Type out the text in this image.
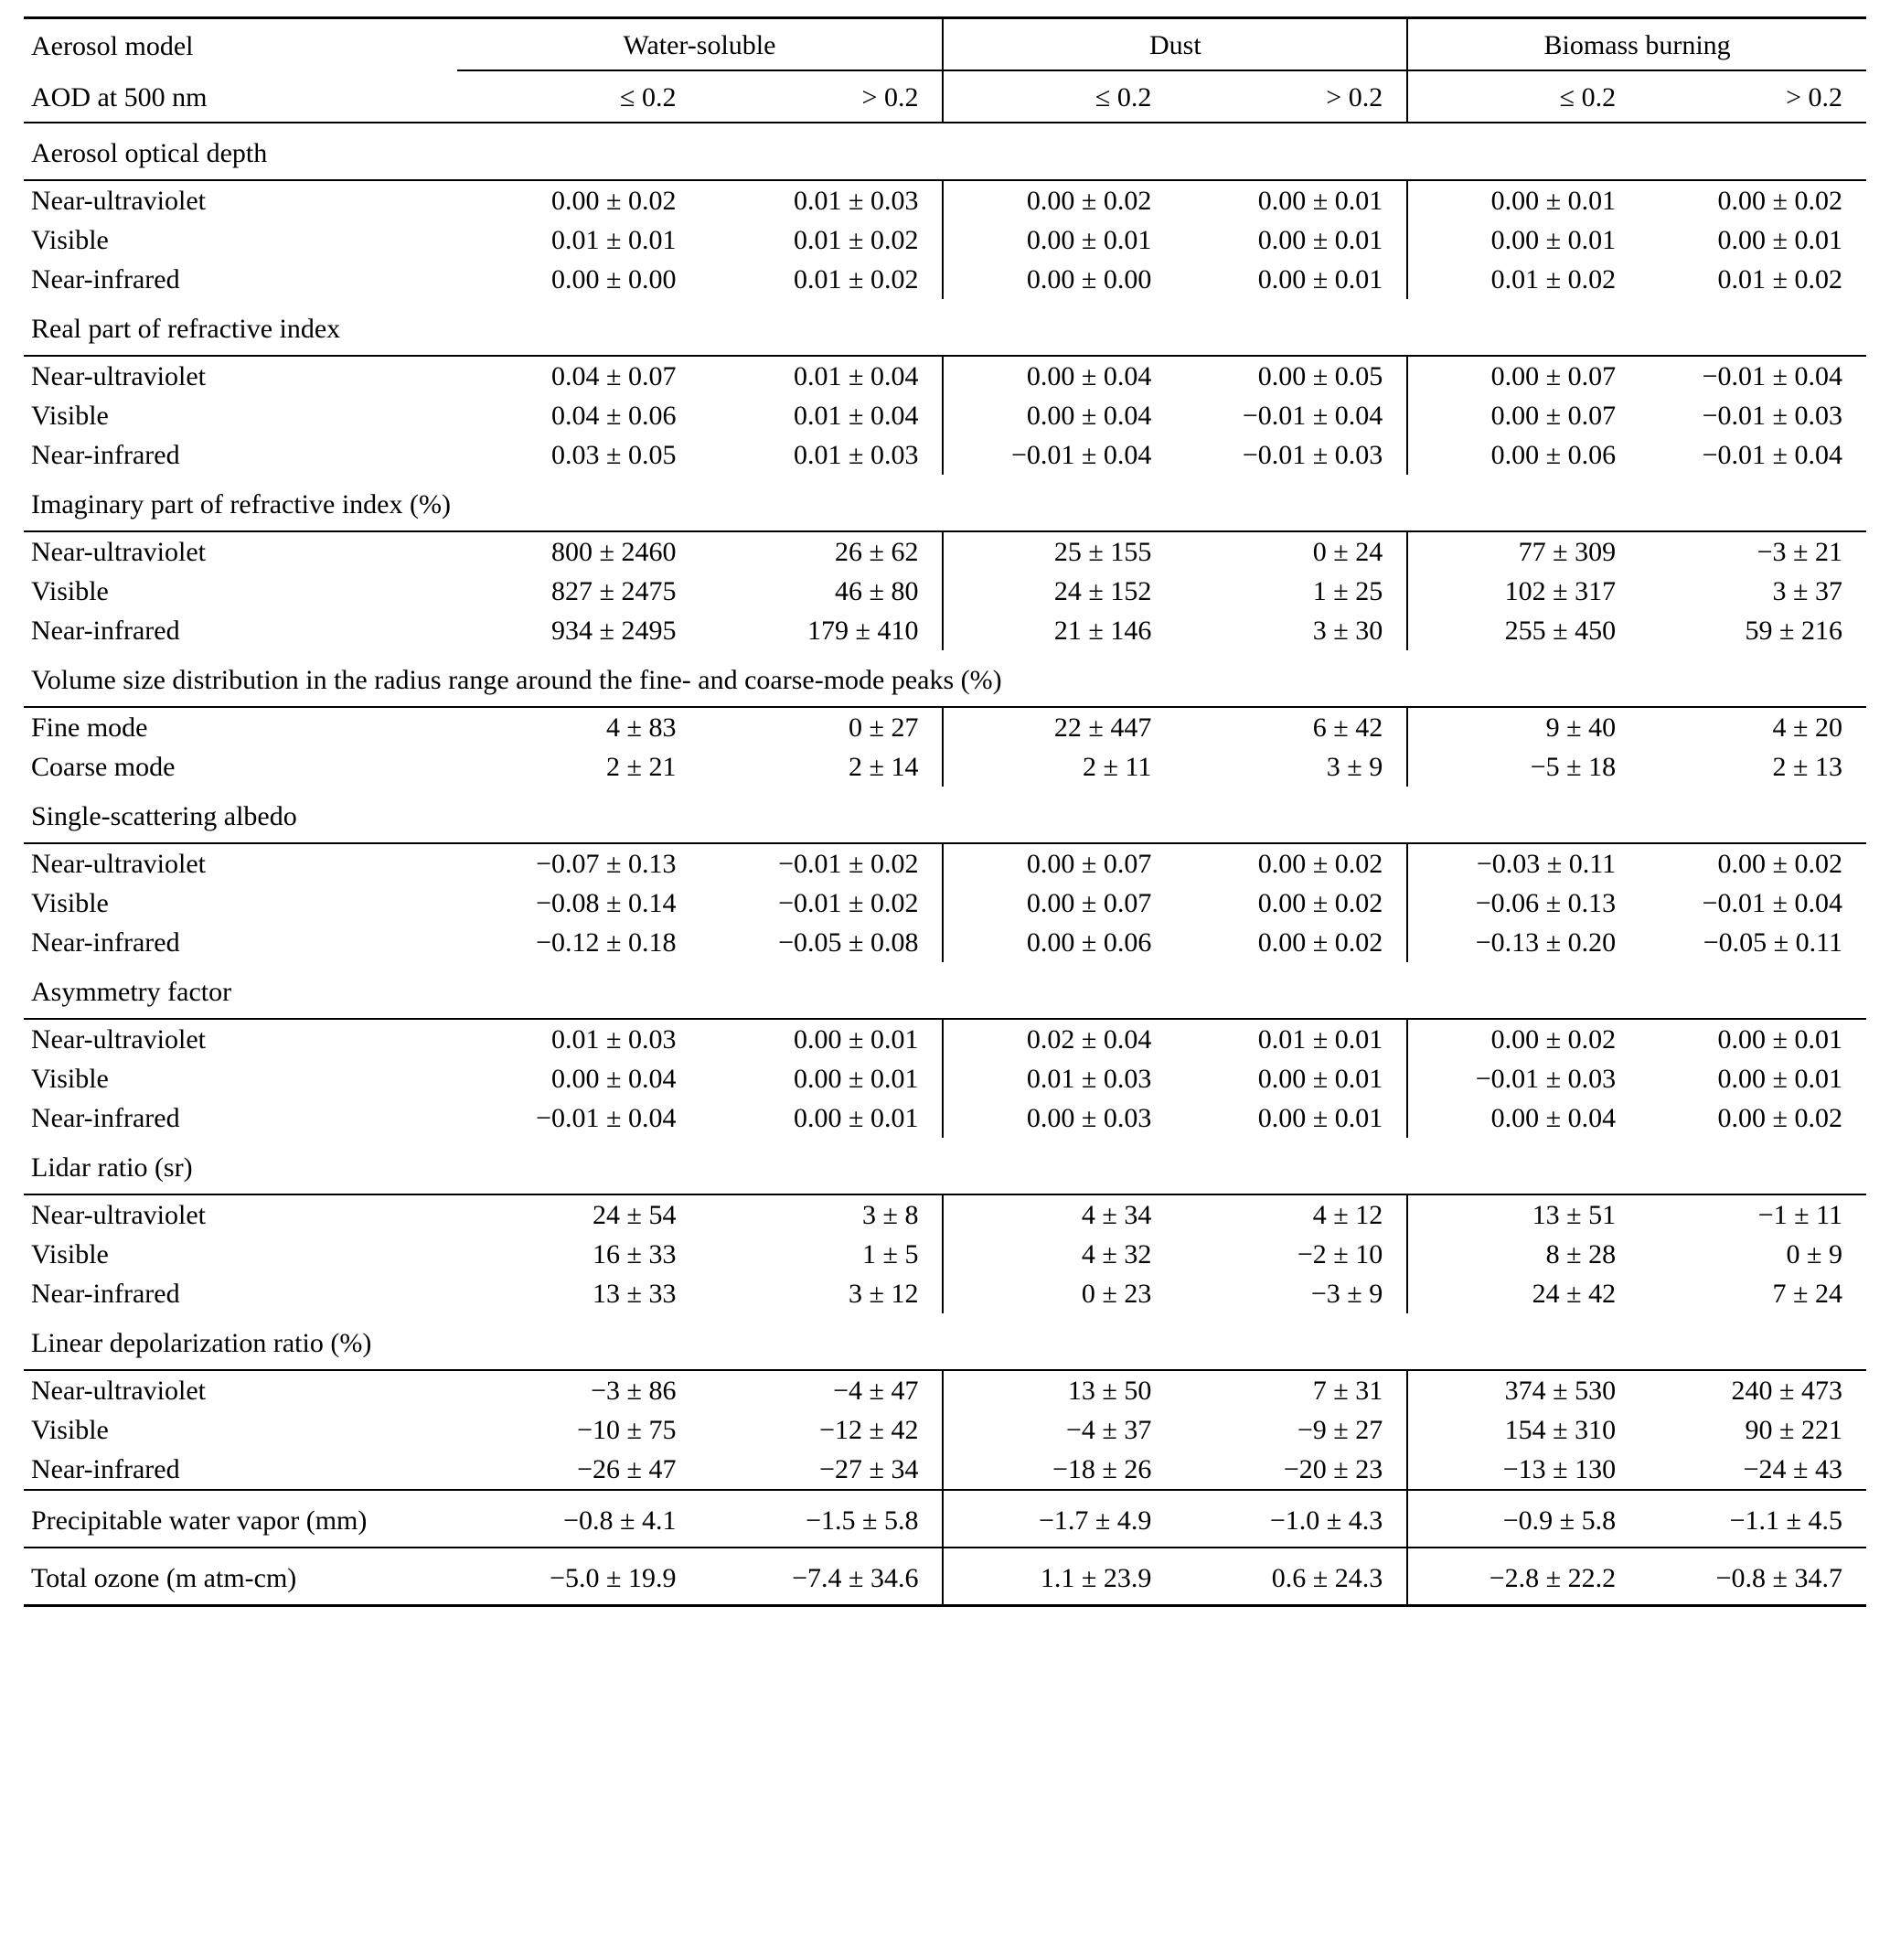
Aerosol model	Water-soluble		Dust		Biomass burning	

AOD at 500 nm	≤ 0.2	> 0.2	≤ 0.2	> 0.2	≤ 0.2	> 0.2

Aerosol optical depth						

Near-ultraviolet	0.00 ± 0.02	0.01 ± 0.03	0.00 ± 0.02	0.00 ± 0.01	0.00 ± 0.01	0.00 ± 0.02
Visible	0.01 ± 0.01	0.01 ± 0.02	0.00 ± 0.01	0.00 ± 0.01	0.00 ± 0.01	0.00 ± 0.01
Near-infrared	0.00 ± 0.00	0.01 ± 0.02	0.00 ± 0.00	0.00 ± 0.01	0.01 ± 0.02	0.01 ± 0.02
Real part of refractive index						

Near-ultraviolet	0.04 ± 0.07	0.01 ± 0.04	0.00 ± 0.04	0.00 ± 0.05	0.00 ± 0.07	−0.01 ± 0.04
Visible	0.04 ± 0.06	0.01 ± 0.04	0.00 ± 0.04	−0.01 ± 0.04	0.00 ± 0.07	−0.01 ± 0.03
Near-infrared	0.03 ± 0.05	0.01 ± 0.03	−0.01 ± 0.04	−0.01 ± 0.03	0.00 ± 0.06	−0.01 ± 0.04
Imaginary part of refractive index (%)						

Near-ultraviolet	800 ± 2460	26 ± 62	25 ± 155	0 ± 24	77 ± 309	−3 ± 21
Visible	827 ± 2475	46 ± 80	24 ± 152	1 ± 25	102 ± 317	3 ± 37
Near-infrared	934 ± 2495	179 ± 410	21 ± 146	3 ± 30	255 ± 450	59 ± 216
Volume size distribution in the radius range around the fine- and coarse-mode peaks (%)						

Fine mode	4 ± 83	0 ± 27	22 ± 447	6 ± 42	9 ± 40	4 ± 20
Coarse mode	2 ± 21	2 ± 14	2 ± 11	3 ± 9	−5 ± 18	2 ± 13
Single-scattering albedo						

Near-ultraviolet	−0.07 ± 0.13	−0.01 ± 0.02	0.00 ± 0.07	0.00 ± 0.02	−0.03 ± 0.11	0.00 ± 0.02
Visible	−0.08 ± 0.14	−0.01 ± 0.02	0.00 ± 0.07	0.00 ± 0.02	−0.06 ± 0.13	−0.01 ± 0.04
Near-infrared	−0.12 ± 0.18	−0.05 ± 0.08	0.00 ± 0.06	0.00 ± 0.02	−0.13 ± 0.20	−0.05 ± 0.11
Asymmetry factor						

Near-ultraviolet	0.01 ± 0.03	0.00 ± 0.01	0.02 ± 0.04	0.01 ± 0.01	0.00 ± 0.02	0.00 ± 0.01
Visible	0.00 ± 0.04	0.00 ± 0.01	0.01 ± 0.03	0.00 ± 0.01	−0.01 ± 0.03	0.00 ± 0.01
Near-infrared	−0.01 ± 0.04	0.00 ± 0.01	0.00 ± 0.03	0.00 ± 0.01	0.00 ± 0.04	0.00 ± 0.02
Lidar ratio (sr)						

Near-ultraviolet	24 ± 54	3 ± 8	4 ± 34	4 ± 12	13 ± 51	−1 ± 11
Visible	16 ± 33	1 ± 5	4 ± 32	−2 ± 10	8 ± 28	0 ± 9
Near-infrared	13 ± 33	3 ± 12	0 ± 23	−3 ± 9	24 ± 42	7 ± 24
Linear depolarization ratio (%)						

Near-ultraviolet	−3 ± 86	−4 ± 47	13 ± 50	7 ± 31	374 ± 530	240 ± 473
Visible	−10 ± 75	−12 ± 42	−4 ± 37	−9 ± 27	154 ± 310	90 ± 221
Near-infrared	−26 ± 47	−27 ± 34	−18 ± 26	−20 ± 23	−13 ± 130	−24 ± 43

Precipitable water vapor (mm)	−0.8 ± 4.1	−1.5 ± 5.8	−1.7 ± 4.9	−1.0 ± 4.3	−0.9 ± 5.8	−1.1 ± 4.5

Total ozone (m atm-cm)	−5.0 ± 19.9	−7.4 ± 34.6	1.1 ± 23.9	0.6 ± 24.3	−2.8 ± 22.2	−0.8 ± 34.7
